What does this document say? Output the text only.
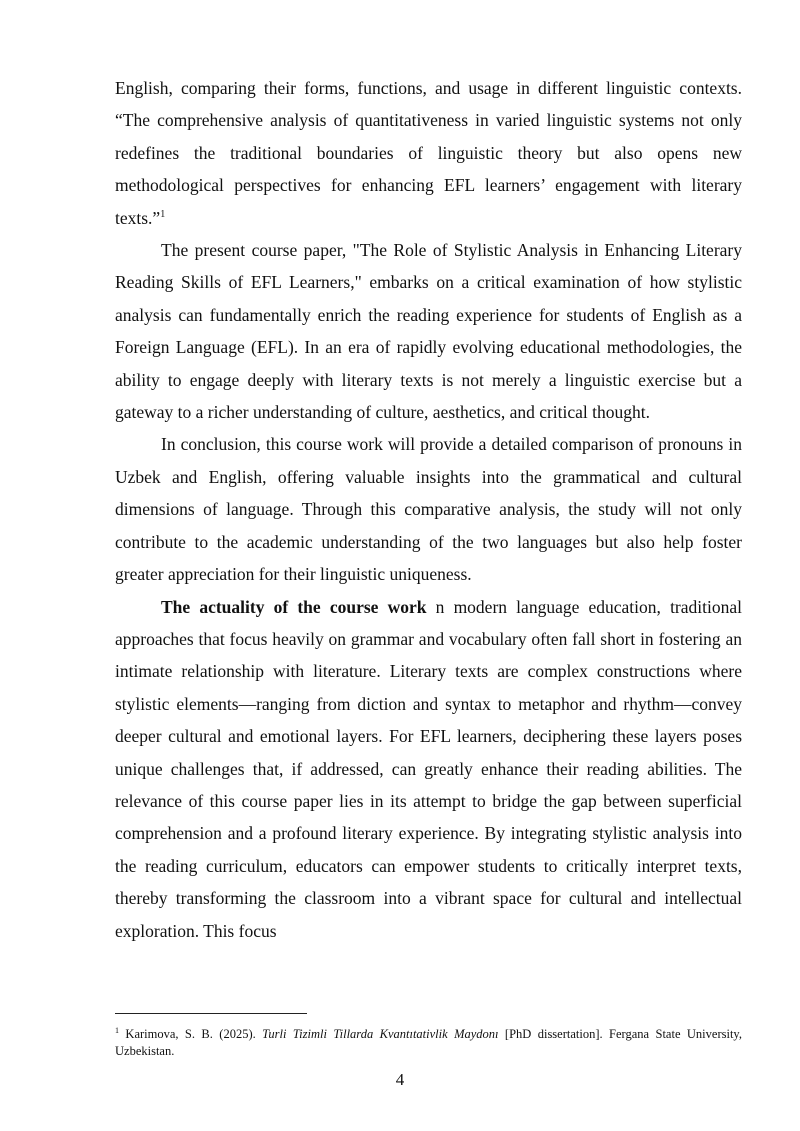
English, comparing their forms, functions, and usage in different linguistic contexts. “The comprehensive analysis of quantitativeness in varied linguistic systems not only redefines the traditional boundaries of linguistic theory but also opens new methodological perspectives for enhancing EFL learners’ engagement with literary texts.”$^1$

The present course paper, "The Role of Stylistic Analysis in Enhancing Literary Reading Skills of EFL Learners," embarks on a critical examination of how stylistic analysis can fundamentally enrich the reading experience for students of English as a Foreign Language (EFL). In an era of rapidly evolving educational methodologies, the ability to engage deeply with literary texts is not merely a linguistic exercise but a gateway to a richer understanding of culture, aesthetics, and critical thought.

In conclusion, this course work will provide a detailed comparison of pronouns in Uzbek and English, offering valuable insights into the grammatical and cultural dimensions of language. Through this comparative analysis, the study will not only contribute to the academic understanding of the two languages but also help foster greater appreciation for their linguistic uniqueness.

The actuality of the course work n modern language education, traditional approaches that focus heavily on grammar and vocabulary often fall short in fostering an intimate relationship with literature. Literary texts are complex constructions where stylistic elements—ranging from diction and syntax to metaphor and rhythm—convey deeper cultural and emotional layers. For EFL learners, deciphering these layers poses unique challenges that, if addressed, can greatly enhance their reading abilities. The relevance of this course paper lies in its attempt to bridge the gap between superficial comprehension and a profound literary experience. By integrating stylistic analysis into the reading curriculum, educators can empower students to critically interpret texts, thereby transforming the classroom into a vibrant space for cultural and intellectual exploration. This focus

$^1$ Karimova, S. B. (2025). Turli Tizimli Tillarda Kvantıtativlik Maydonı [PhD dissertation]. Fergana State University, Uzbekistan.
4
